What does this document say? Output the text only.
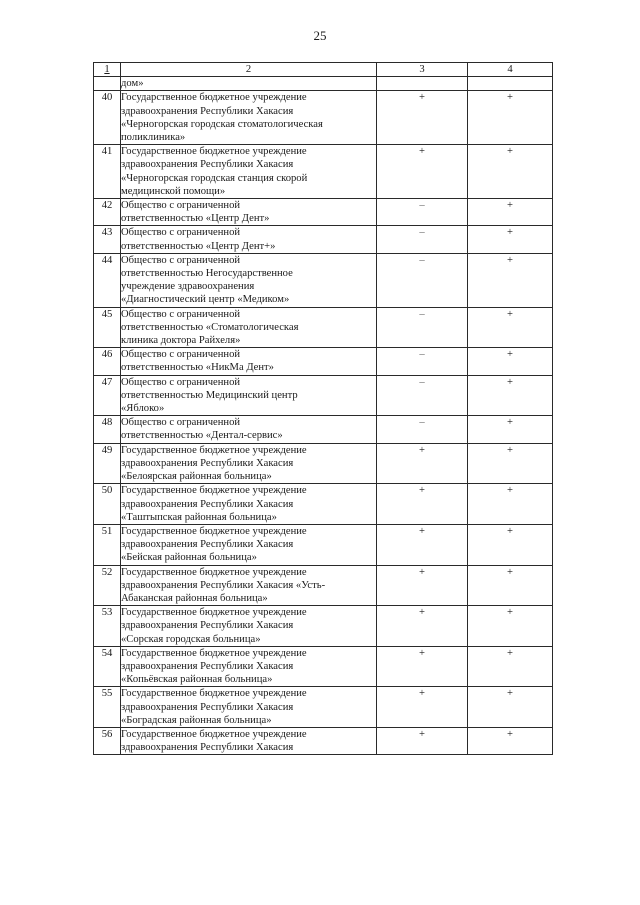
25
1	2	3	4
	дом»		
40	Государственное бюджетное учреждение
здравоохранения Республики Хакасия
«Черногорская городская стоматологическая
поликлиника»	+	+
41	Государственное бюджетное учреждение
здравоохранения Республики Хакасия
«Черногорская городская станция скорой
медицинской помощи»	+	+
42	Общество с ограниченной
ответственностью «Центр Дент»	–	+
43	Общество с ограниченной
ответственностью «Центр Дент+»	–	+
44	Общество с ограниченной
ответственностью Негосударственное
учреждение здравоохранения
«Диагностический центр «Медиком»	–	+
45	Общество с ограниченной
ответственностью «Стоматологическая
клиника доктора Райхеля»	–	+
46	Общество с ограниченной
ответственностью «НикМа Дент»	–	+
47	Общество с ограниченной
ответственностью Медицинский центр
«Яблоко»	–	+
48	Общество с ограниченной
ответственностью «Дентал-сервис»	–	+
49	Государственное бюджетное учреждение
здравоохранения Республики Хакасия
«Белоярская районная больница»	+	+
50	Государственное бюджетное учреждение
здравоохранения Республики Хакасия
«Таштыпская районная больница»	+	+
51	Государственное бюджетное учреждение
здравоохранения Республики Хакасия
«Бейская районная больница»	+	+
52	Государственное бюджетное учреждение
здравоохранения Республики Хакасия «Усть-
Абаканская районная больница»	+	+
53	Государственное бюджетное учреждение
здравоохранения Республики Хакасия
«Сорская городская больница»	+	+
54	Государственное бюджетное учреждение
здравоохранения Республики Хакасия
«Копьёвская районная больница»	+	+
55	Государственное бюджетное учреждение
здравоохранения Республики Хакасия
«Боградская районная больница»	+	+
56	Государственное бюджетное учреждение
здравоохранения Республики Хакасия	+	+
